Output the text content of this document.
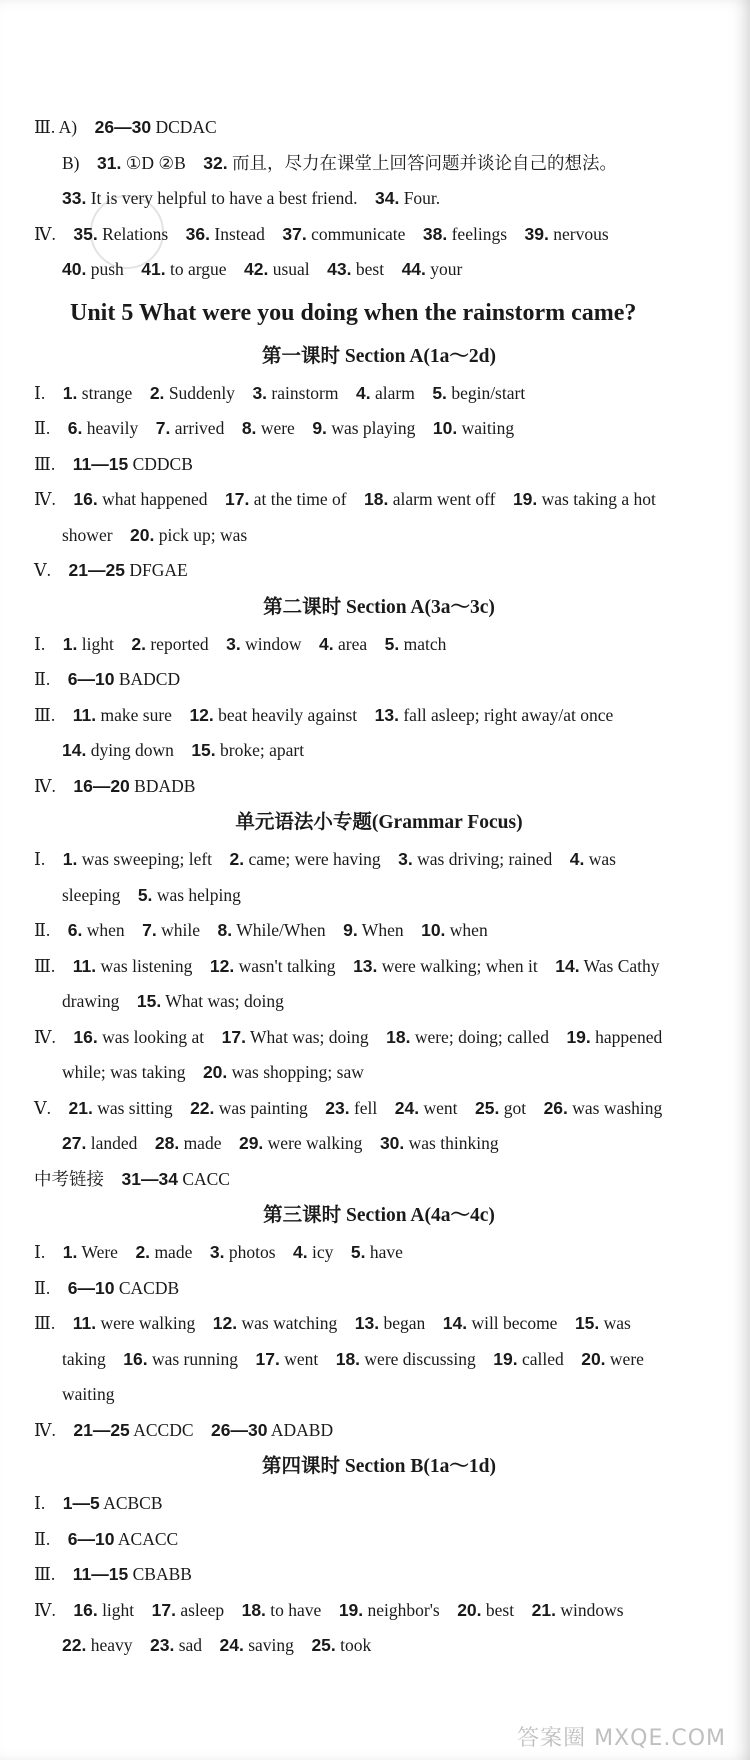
Ⅲ. A)  26—30 DCDAC
B)  31. ①D ②B  32. 而且，尽力在课堂上回答问题并谈论自己的想法。
33. It is very helpful to have a best friend.  34. Four.
Ⅳ.  35. Relations  36. Instead  37. communicate  38. feelings  39. nervous
40. push  41. to argue  42. usual  43. best  44. your
Unit 5 What were you doing when the rainstorm came?
第一课时 Section A(1a～2d)
Ⅰ.  1. strange  2. Suddenly  3. rainstorm  4. alarm  5. begin/start
Ⅱ.  6. heavily  7. arrived  8. were  9. was playing  10. waiting
Ⅲ.  11—15 CDDCB
Ⅳ.  16. what happened  17. at the time of  18. alarm went off  19. was taking a hot
shower  20. pick up; was
Ⅴ.  21—25 DFGAE
第二课时 Section A(3a～3c)
Ⅰ.  1. light  2. reported  3. window  4. area  5. match
Ⅱ.  6—10 BADCD
Ⅲ.  11. make sure  12. beat heavily against  13. fall asleep; right away/at once
14. dying down  15. broke; apart
Ⅳ.  16—20 BDADB
单元语法小专题(Grammar Focus)
Ⅰ.  1. was sweeping; left  2. came; were having  3. was driving; rained  4. was
sleeping  5. was helping
Ⅱ.  6. when  7. while  8. While/When  9. When  10. when
Ⅲ.  11. was listening  12. wasn't talking  13. were walking; when it  14. Was Cathy
drawing  15. What was; doing
Ⅳ.  16. was looking at  17. What was; doing  18. were; doing; called  19. happened
while; was taking  20. was shopping; saw
Ⅴ.  21. was sitting  22. was painting  23. fell  24. went  25. got  26. was washing
27. landed  28. made  29. were walking  30. was thinking
中考链接  31—34 CACC
第三课时 Section A(4a～4c)
Ⅰ.  1. Were  2. made  3. photos  4. icy  5. have
Ⅱ.  6—10 CACDB
Ⅲ.  11. were walking  12. was watching  13. began  14. will become  15. was
taking  16. was running  17. went  18. were discussing  19. called  20. were
waiting
Ⅳ.  21—25 ACCDC  26—30 ADABD
第四课时 Section B(1a～1d)
Ⅰ.  1—5 ACBCB
Ⅱ.  6—10 ACACC
Ⅲ.  11—15 CBABB
Ⅳ.  16. light  17. asleep  18. to have  19. neighbor's  20. best  21. windows
22. heavy  23. sad  24. saving  25. took
答案圈 MXQE.COM
